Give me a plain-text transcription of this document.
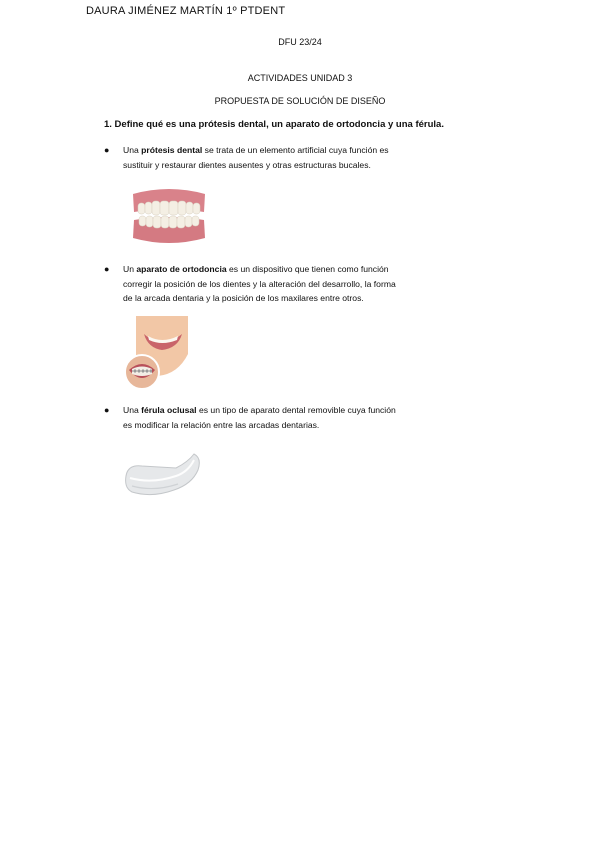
DAURA JIMÉNEZ MARTÍN 1º PTDENT
DFU 23/24
ACTIVIDADES UNIDAD 3
PROPUESTA DE SOLUCIÓN DE DISEÑO
1. Define qué es una prótesis dental, un aparato de ortodoncia y una férula.
● Una prótesis dental se trata de un elemento artificial cuya función es
sustituir y restaurar dientes ausentes y otras estructuras bucales.
● Un aparato de ortodoncia es un dispositivo que tienen como función
corregir la posición de los dientes y la alteración del desarrollo, la forma
de la arcada dentaria y la posición de los maxilares entre otros.
● Una férula oclusal es un tipo de aparato dental removible cuya función
es modificar la relación entre las arcadas dentarias.
